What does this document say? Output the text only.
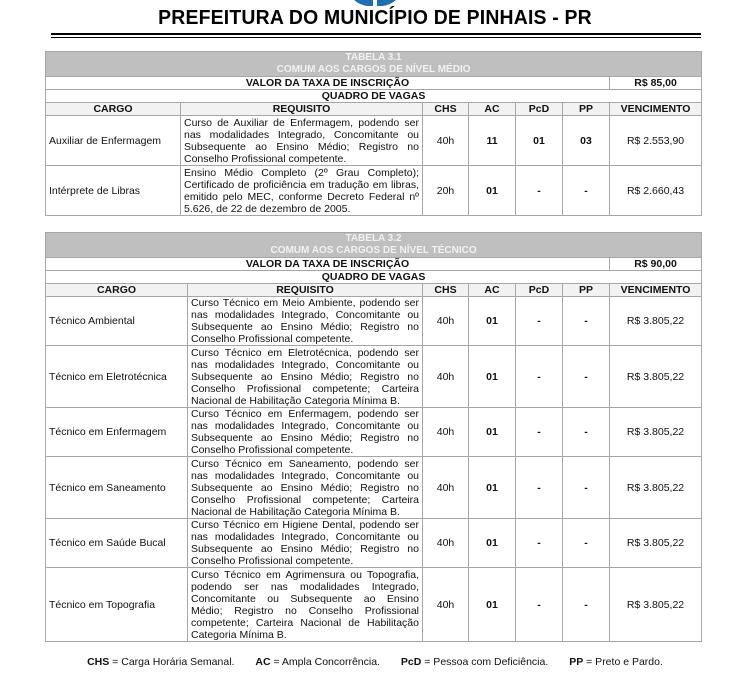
PREFEITURA DO MUNICÍPIO DE PINHAIS - PR
TABELA 3.1
COMUM AOS CARGOS DE NÍVEL MÉDIO						

VALOR DA TAXA DE INSCRIÇÃO						R$ 85,00
QUADRO DE VAGAS						
CARGO	REQUISITO	CHS	AC	PcD	PP	VENCIMENTO
Auxiliar de Enfermagem	Curso de Auxiliar de Enfermagem, podendo ser nas modalidades Integrado, Concomitante ou Subsequente ao Ensino Médio; Registro no Conselho Profissional competente.	40h	11	01	03	R$ 2.553,90
Intérprete de Libras	Ensino Médio Completo (2º Grau Completo); Certificado de proficiência em tradução em libras, emitido pelo MEC, conforme Decreto Federal nº 5.626, de 22 de dezembro de 2005.	20h	01	-	-	R$ 2.660,43
TABELA 3.2
COMUM AOS CARGOS DE NÍVEL TÉCNICO						

VALOR DA TAXA DE INSCRIÇÃO						R$ 90,00
QUADRO DE VAGAS						
CARGO	REQUISITO	CHS	AC	PcD	PP	VENCIMENTO
Técnico Ambiental	Curso Técnico em Meio Ambiente, podendo ser nas modalidades Integrado, Concomitante ou Subsequente ao Ensino Médio; Registro no Conselho Profissional competente.	40h	01	-	-	R$ 3.805,22
Técnico em Eletrotécnica	Curso Técnico em Eletrotécnica, podendo ser nas modalidades Integrado, Concomitante ou Subsequente ao Ensino Médio; Registro no Conselho Profissional competente; Carteira Nacional de Habilitação Categoria Mínima B.	40h	01	-	-	R$ 3.805,22
Técnico em Enfermagem	Curso Técnico em Enfermagem, podendo ser nas modalidades Integrado, Concomitante ou Subsequente ao Ensino Médio; Registro no Conselho Profissional competente.	40h	01	-	-	R$ 3.805,22
Técnico em Saneamento	Curso Técnico em Saneamento, podendo ser nas modalidades Integrado, Concomitante ou Subsequente ao Ensino Médio; Registro no Conselho Profissional competente; Carteira Nacional de Habilitação Categoria Mínima B.	40h	01	-	-	R$ 3.805,22
Técnico em Saúde Bucal	Curso Técnico em Higiene Dental, podendo ser nas modalidades Integrado, Concomitante ou Subsequente ao Ensino Médio; Registro no Conselho Profissional competente.	40h	01	-	-	R$ 3.805,22
Técnico em Topografia	Curso Técnico em Agrimensura ou Topografia, podendo ser nas modalidades Integrado, Concomitante ou Subsequente ao Ensino Médio; Registro no Conselho Profissional competente; Carteira Nacional de Habilitação Categoria Mínima B.	40h	01	-	-	R$ 3.805,22
CHS = Carga Horária Semanal. AC = Ampla Concorrência. PcD = Pessoa com Deficiência. PP = Preto e Pardo.
